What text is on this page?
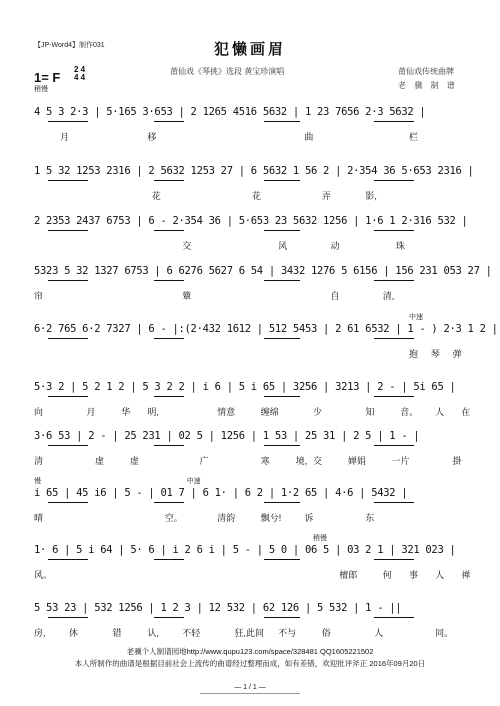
【JP-Word4】制作031	犯懒画眉
莆仙戏《琴挑》选段 黄宝珍演唱	莆仙戏传统曲牌
老 骥 制 谱
1= F
2 4
4 4
稍慢
4 5 3 2·3 | 5·165 3·653 | 2 1265 4516 5632 | 1 23 7656 2·3 5632 |
月	移	曲	栏
1 5 32 1253 2316 | 2 5632 1253 27 | 6 5632 1 56 2 | 2·354 36 5·653 2316 |
花	花	弄	影,
2 2353 2437 6753 | 6 - 2·354 36 | 5·653 23 5632 1256 | 1·6 1 2·316 532 |
交	风	动	珠
5323 5 32 1327 6753 | 6 6276 5627 6 54 | 3432 1276 5 6156 | 156 231 053 27 |
帘	簟	自	清,
6·2 765 6·2 7327 | 6 - |:(2·432 1612 | 512 5453 | 2 61 6532 | 1 - ) 2·3 1 2 |
抱 琴 弹
中速
5·3 2 | 5 2 1 2 | 5 3 2 2 | i 6 | 5 i 65 | 3256 | 3213 | 2 - | 5i 65 |
向	月	华 明,	情意	缠绵	少	知	音。 人 在
3·6 53 | 2 - | 25 231 | 02 5 | 1256 | 1 53 | 25 31 | 2 5 | 1 - |
清	虚	虚	广	寒	境, 交	婵娟	一片	掛
i 65 | 45 i6 | 5 - | 01 7 | 6 1· | 6 2 | 1·2 65 | 4·6 | 5432 |
晴	空。	清韵	飘兮!	诉	东
慢	中速
1· 6 | 5 i 64 | 5· 6 | i 2 6 i | 5 - | 5 0 | 06 5 | 03 2 1 | 321 023 |
风。	檀郎	何 事 人 禅
稍慢
5 53 23 | 532 1256 | 1 2 3 | 12 532 | 62 126 | 5 532 | 1 - ||
房,	休	错	认,	不轻	狂,此间 不与	俗	人	同。
老骥个人制谱园地http://www.qupu123.com/space/328481 QQ1605221502
本人所制作的曲谱是根据目前社会上流传的曲谱经过整理而成，如有差错，欢迎批评斧正 2016年09月20日
— 1 / 1 —
